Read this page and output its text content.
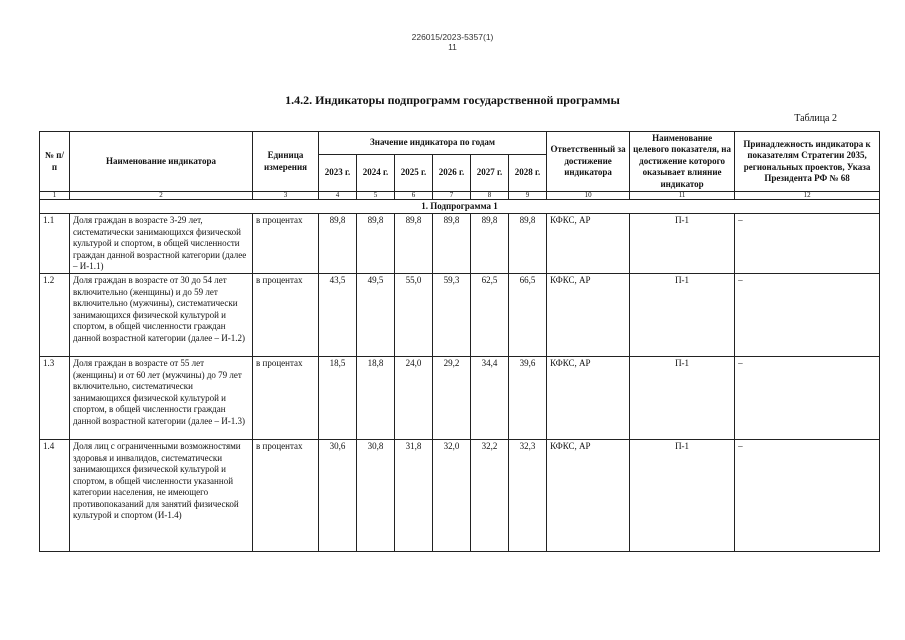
226015/2023-5357(1)
11
1.4.2. Индикаторы подпрограмм государственной программы
Таблица 2
№ п/п	Наименование индикатора	Единица измерения	Значение индикатора по годам						Ответственный за достижение индикатора	Наименование целевого показателя, на достижение которого оказывает влияние индикатор	Принадлежность индикатора к показателям Стратегии 2035, региональных проектов, Указа Президента РФ № 68
			2023 г.	2024 г.	2025 г.	2026 г.	2027 г.	2028 г.			
1	2	3	4	5	6	7	8	9	10	11	12
1. Подпрограмма 1											
1.1	Доля граждан в возрасте 3-29 лет, систематически занимающихся физической культурой и спортом, в общей численности граждан данной возрастной категории (далее – И-1.1)	в процентах	89,8	89,8	89,8	89,8	89,8	89,8	КФКС, АР	П-1	–
1.2	Доля граждан в возрасте от 30 до 54 лет включительно (женщины) и до 59 лет включительно (мужчины), систематически занимающихся физической культурой и спортом, в общей численности граждан данной возрастной категории (далее – И-1.2)	в процентах	43,5	49,5	55,0	59,3	62,5	66,5	КФКС, АР	П-1	–
1.3	Доля граждан в возрасте от 55 лет (женщины) и от 60 лет (мужчины) до 79 лет включительно, систематически занимающихся физической культурой и спортом, в общей численности граждан данной возрастной категории (далее – И-1.3)	в процентах	18,5	18,8	24,0	29,2	34,4	39,6	КФКС, АР	П-1	–
1.4	Доля лиц с ограниченными возможностями здоровья и инвалидов, систематически занимающихся физической культурой и спортом, в общей численности указанной категории населения, не имеющего противопоказаний для занятий физической культурой и спортом (И-1.4)	в процентах	30,6	30,8	31,8	32,0	32,2	32,3	КФКС, АР	П-1	–
